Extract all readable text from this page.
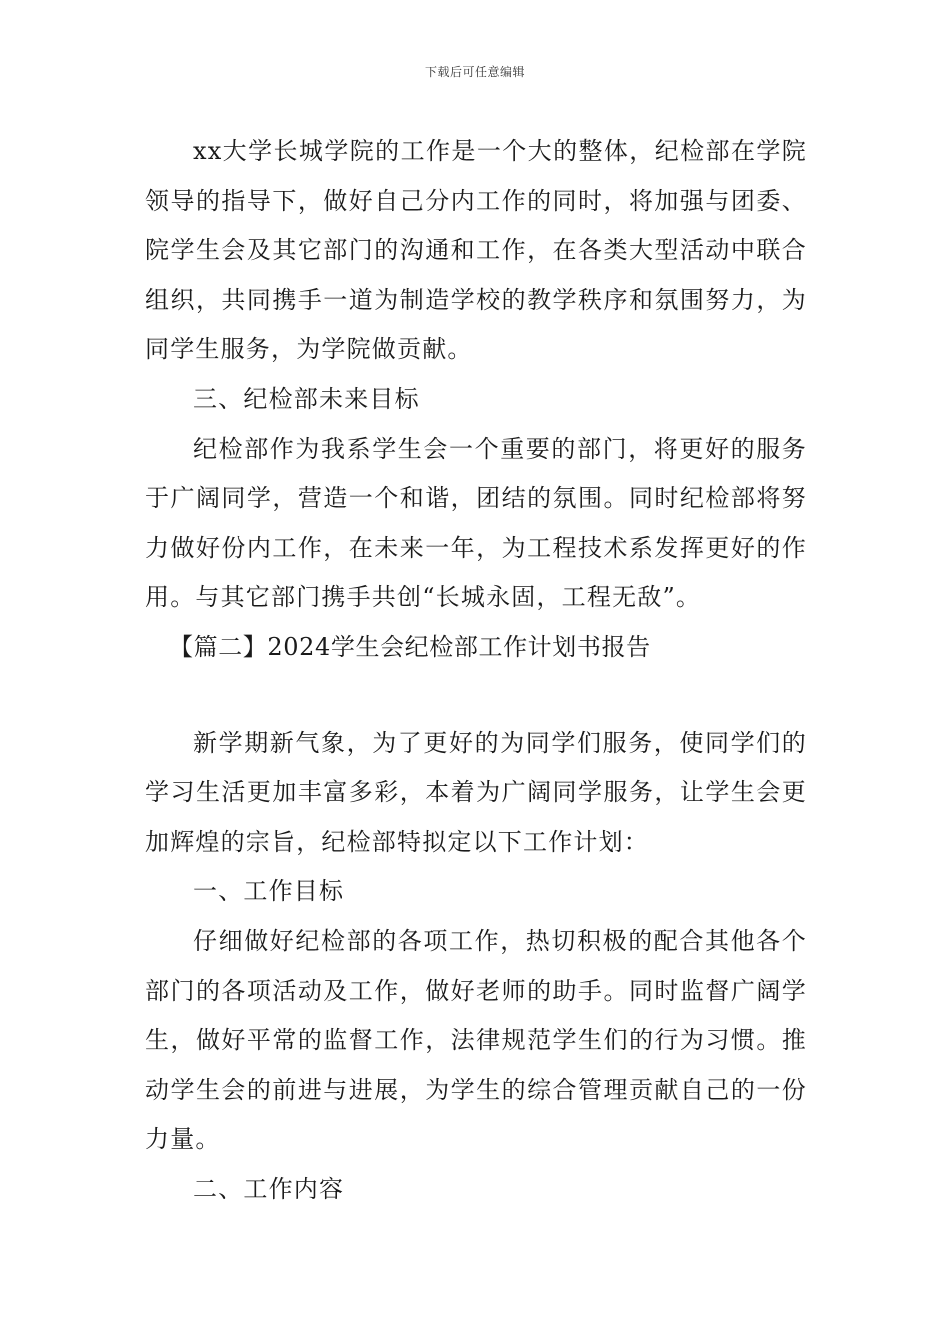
下载后可任意编辑

xx大学长城学院的工作是一个大的整体，纪检部在学院领导的指导下，做好自己分内工作的同时，将加强与团委、院学生会及其它部门的沟通和工作，在各类大型活动中联合组织，共同携手一道为制造学校的教学秩序和氛围努力，为同学生服务，为学院做贡献。

三、纪检部未来目标

纪检部作为我系学生会一个重要的部门，将更好的服务于广阔同学，营造一个和谐，团结的氛围。同时纪检部将努力做好份内工作，在未来一年，为工程技术系发挥更好的作用。与其它部门携手共创“长城永固，工程无敌”。

【篇二】2024学生会纪检部工作计划书报告

新学期新气象，为了更好的为同学们服务，使同学们的学习生活更加丰富多彩，本着为广阔同学服务，让学生会更加辉煌的宗旨，纪检部特拟定以下工作计划：

一、工作目标

仔细做好纪检部的各项工作，热切积极的配合其他各个部门的各项活动及工作，做好老师的助手。同时监督广阔学生，做好平常的监督工作，法律规范学生们的行为习惯。推动学生会的前进与进展，为学生的综合管理贡献自己的一份力量。

二、工作内容
